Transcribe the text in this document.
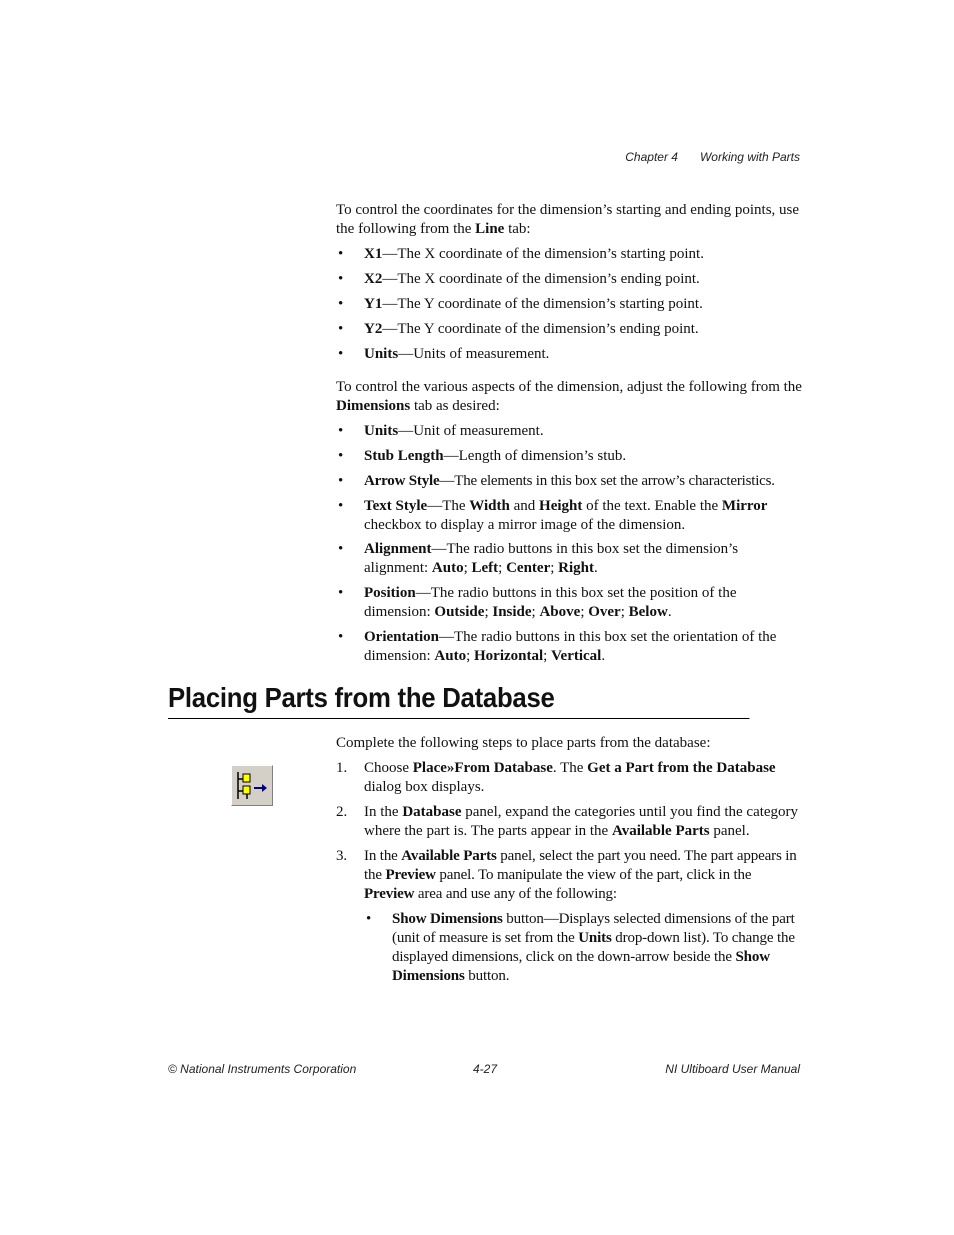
Chapter 4 Working with Parts

To control the coordinates for the dimension’s starting and ending points, use the following from the Line tab:

• X1—The X coordinate of the dimension’s starting point.
• X2—The X coordinate of the dimension’s ending point.
• Y1—The Y coordinate of the dimension’s starting point.
• Y2—The Y coordinate of the dimension’s ending point.
• Units—Units of measurement.

To control the various aspects of the dimension, adjust the following from the Dimensions tab as desired:

• Units—Unit of measurement.
• Stub Length—Length of dimension’s stub.
• Arrow Style—The elements in this box set the arrow’s characteristics.
• Text Style—The Width and Height of the text. Enable the Mirror checkbox to display a mirror image of the dimension.
• Alignment—The radio buttons in this box set the dimension’s alignment: Auto; Left; Center; Right.
• Position—The radio buttons in this box set the position of the dimension: Outside; Inside; Above; Over; Below.
• Orientation—The radio buttons in this box set the orientation of the dimension: Auto; Horizontal; Vertical.
Placing Parts from the Database

Complete the following steps to place parts from the database:

1. Choose Place»From Database. The Get a Part from the Database dialog box displays.
2. In the Database panel, expand the categories until you find the category where the part is. The parts appear in the Available Parts panel.
3. In the Available Parts panel, select the part you need. The part appears in the Preview panel. To manipulate the view of the part, click in the Preview area and use any of the following:
• Show Dimensions button—Displays selected dimensions of the part (unit of measure is set from the Units drop-down list). To change the displayed dimensions, click on the down-arrow beside the Show Dimensions button.
© National Instruments Corporation	4-27	NI Ultiboard User Manual
